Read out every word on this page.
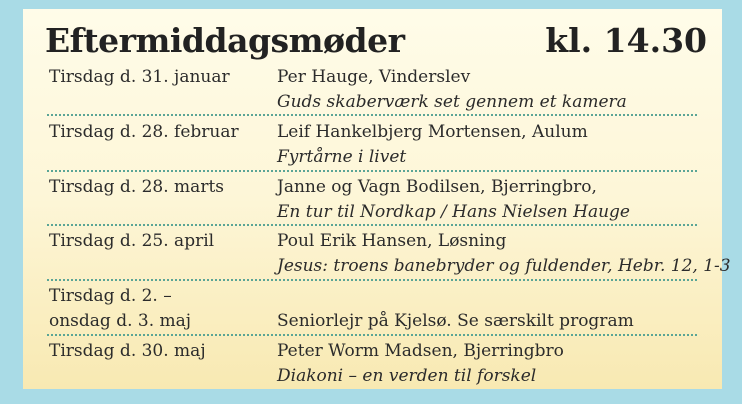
Eftermiddagsmøder	kl. 14.30
Tirsdag d. 31. januar	Per Hauge, Vinderslev
Guds skaberværk set gennem et kamera
Tirsdag d. 28. februar Leif Hankelbjerg Mortensen, Aulum
Fyrtårne i livet
Tirsdag d. 28. marts	Janne og Vagn Bodilsen, Bjerringbro,
En tur til Nordkap / Hans Nielsen Hauge
Tirsdag d. 25. april	Poul Erik Hansen, Løsning
Jesus: troens banebryder og fuldender, Hebr. 12, 1-3
Tirsdag d. 2. –
onsdag d. 3. maj	Seniorlejr på Kjelsø. Se særskilt program
Tirsdag d. 30. maj	Peter Worm Madsen, Bjerringbro
Diakoni – en verden til forskel
